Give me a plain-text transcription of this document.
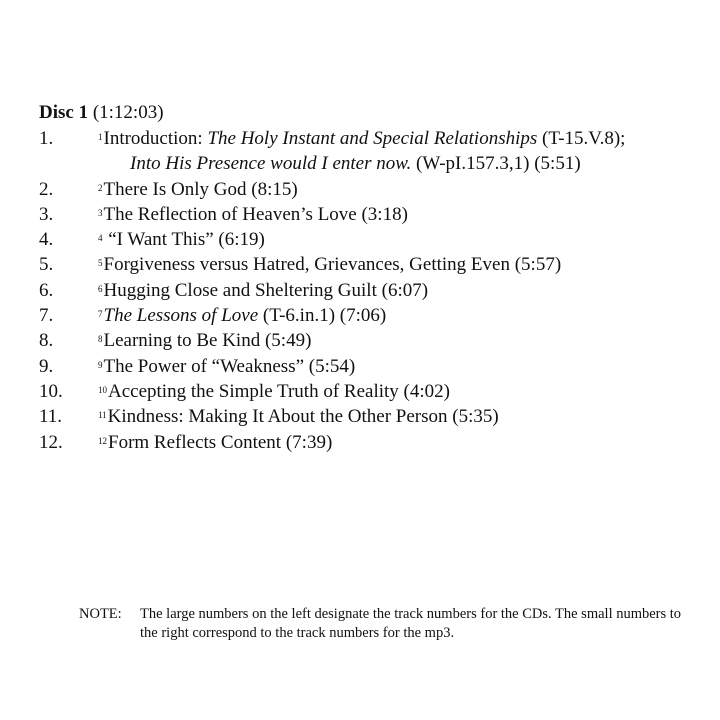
Disc 1 (1:12:03)
1.	$^1$Introduction: The Holy Instant and Special Relationships (T-15.V.8);
Into His Presence would I enter now. (W-pI.157.3,1) (5:51)
2.	$^2$There Is Only God (8:15)
3.	$^3$The Reflection of Heaven’s Love (3:18)
4.	$^4$ “I Want This” (6:19)
5.	$^5$Forgiveness versus Hatred, Grievances, Getting Even (5:57)
6.	$^6$Hugging Close and Sheltering Guilt (6:07)
7.	$^7$The Lessons of Love (T-6.in.1) (7:06)
8.	$^8$Learning to Be Kind (5:49)
9.	$^9$The Power of “Weakness” (5:54)
10.	$^{10}$Accepting the Simple Truth of Reality (4:02)
11.	$^{11}$Kindness: Making It About the Other Person (5:35)
12.	$^{12}$Form Reflects Content (7:39)
NOTE: The large numbers on the left designate the track numbers for the CDs. The small numbers to the right correspond to the track numbers for the mp3.
